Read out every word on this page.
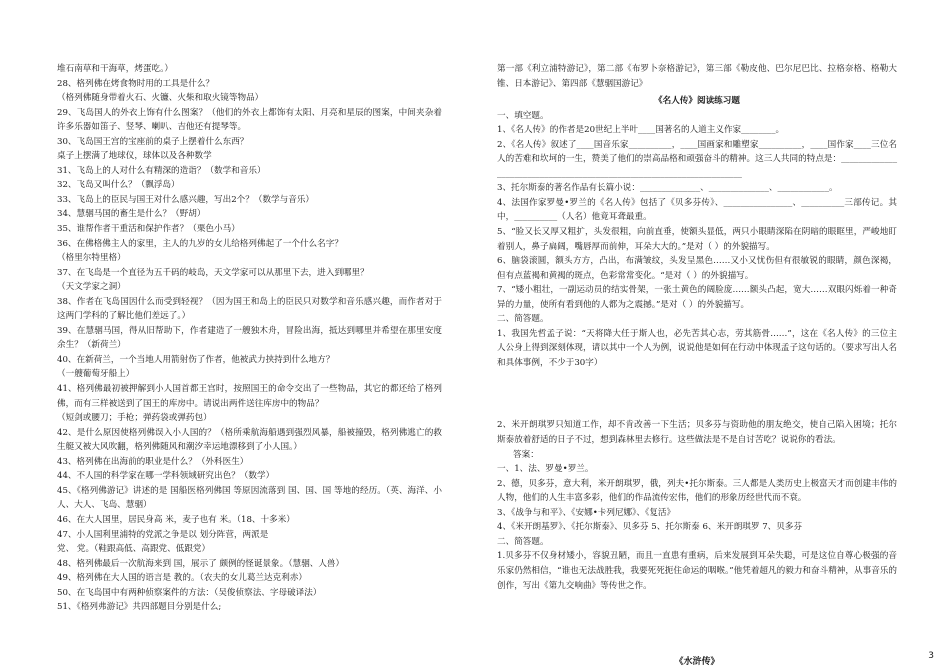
堆石南草和干海草，烤蛋吃。）

28、格列佛在烤食物时用的工具是什么？

（格列佛随身带着火石、火镰、火柴和取火镜等物品）

29、飞岛国人的外衣上饰有什么图案？（他们的外衣上都饰有太阳、月亮和星辰的图案，中间夹杂着许多乐器如笛子、竖琴、喇叭、吉他还有提琴等。

30、飞岛国王宫的宝座前的桌子上摆着什么东西？

桌子上摆满了地球仪，球体以及各种数学

31、飞岛上的人对什么有精深的造诣？（数学和音乐）

32、飞岛又叫什么？（飘浮岛）

33、飞岛上的臣民与国王对什么感兴趣，写出2个？（数学与音乐）

34、慧骃马国的畜生是什么？（野胡）

35、谁帮作者干重活和保护作者？（栗色小马）

36、在佛格佛主人的家里，主人的九岁的女儿给格列佛起了一个什么名字？

（格里尔特里格）

37、在飞岛是一个直径为五千码的岐岛，天文学家可以从那里下去，进入到哪里？

（天文学家之洞）

38、作者在飞岛国因什么而受到轻视？（因为国王和岛上的臣民只对数学和音乐感兴趣，而作者对于这两门学科的了解比他们差远了。）

39、在慧骃马国，得从旧帮助下，作者建造了一艘独木舟，冒险出海，抵达到哪里并希望在那里安度余生？（新荷兰）

40、在新荷兰，一个当地人用箭射伤了作者，他被武力挟持到什么地方？

（一艘葡萄牙船上）

41、格列佛最初被押解到小人国首都王宫时，按照国王的命令交出了一些物品，其它的都还给了格列佛，而有三样被送到了国王的库房中。请说出两件送往库房中的物品？

（短剑或腰刀；手枪；弹药袋或弹药包）

42、是什么原因使格列佛误入小人国的？（格所乘航海船遇到强烈风暴，船被撞毁，格列佛逃亡的救生艇又被大风吹翻，格列佛随风和潮汐幸运地漂移到了小人国。）

43、格列佛在出海前的职业是什么？（外科医生）

44、不人国的科学家在哪一学科领域研究出色？（数学）

45、《格列佛游记》讲述的是 国船医格列佛国 等原因流落到 国、国、国 等地的经历。（英、海洋、小人、大人、飞岛、慧骃）

46、在大人国里，居民身高 米，麦子也有 米。（18、十多米）

47、小人国利里浦特的党派之争是以 划分阵营，两派是

党、 党。（鞋跟高低、高跟党、低跟党）

48、格列佛最后一次航海来到 国，展示了 颇例的怪诞景象。（慧骃、人兽）

49、格列佛在大人国的语言是 教的。（农夫的女儿葛兰达克利赤）

50、在飞岛国中有两种侦察案件的方法：（吴俊侦察法、字母破译法）

51、《格列弗游记》共四部题目分别是什么;

第一部《利立浦特游记》，第二部《布罗卜奈格游记》，第三部《勒皮他、巴尔尼巴比、拉格奈格、格勒大锥、日本游记》、第四部《慧骃国游记》

《名人传》阅读练习题

一、填空题。

1、《名人传》的作者是20世纪上半叶____国著名的人道主义作家________。

2、《名人传》叙述了____国音乐家__________，____国画家和雕塑家__________，____国作家____三位名人的苦难和坎坷的一生，赞美了他们的崇高品格和顽强奋斗的精神。这三人共同的特点是：______________________________________________________________________

3、托尔斯泰的著名作品有长篇小说：______________、______________、____________。

4、法国作家罗曼•罗兰的《名人传》包括了《贝多芬传》、________________、__________三部传记。其中，__________（人名）他竟耳聋最重。

5、“脸又长又厚又粗扩，头发很粗，向前直垂，使额头显低，两只小眼睛深陷在阴暗的眼眶里，严峻地盯着别人，鼻子扁阔，嘴唇厚而前伸，耳朵大大的。”是对（ ）的外貌描写。

6、脑袋滚圆，额头方方，凸出，布满皱纹，头发呈黑色……又小又忧伤但有很敏锐的眼睛，颜色深褐，但有点蓝褐和黄褐的斑点，色彩常常变化。“是对（ ）的外貌描写。

7、“矮小粗壮，一副运动员的结实骨架，一张土黄色的阔脸庞……额头凸起，宽大……双眼闪烁着一种奇异的力量，使所有看到他的人都为之震撼。”是对（ ）的外貌描写。

二、简答题。

1、我国先哲孟子说：“天将降大任于斯人也，必先苦其心志，劳其筋骨……”，这在《名人传》的三位主人公身上得到深刻体现，请以其中一个人为例，说说他是如何在行动中体现孟子这句话的。（要求写出人名和具体事例，不少于30字）

2、米开朗琪罗只知道工作，却不肯改善一下生活；贝多芬与资助他的朋友绝交，使自己陷入困境；托尔斯泰放着舒适的日子不过，想到森林里去修行。这些做法是不是自讨苦吃？说说你的看法。

答案：

一、1、法、罗曼•罗兰。

2、德，贝多芬，意大利，米开朗琪罗，俄，列夫•托尔斯泰。三人都是人类历史上极富天才而创建丰伟的人物，他们的人生丰富多彩，他们的作品流传宏伟，他们的形象历经世代而不衰。

3、《战争与和平》、《安娜•卡列尼娜》、《复活》

4、《米开朗基罗》、《托尔斯泰》、贝多芬 5、托尔斯泰 6、米开朗琪罗 7、贝多芬

二、简答题。

1.贝多芬不仅身材矮小，容貌丑陋，而且一直患有重病，后来发展到耳朵失聪，可是这位自尊心极强的音乐家仍然相信，“谁也无法战胜我，我要死死扼住命运的咽喉。”他凭着超凡的毅力和奋斗精神，从事音乐的创作，写出《第九交响曲》等传世之作。

《水浒传》

3
